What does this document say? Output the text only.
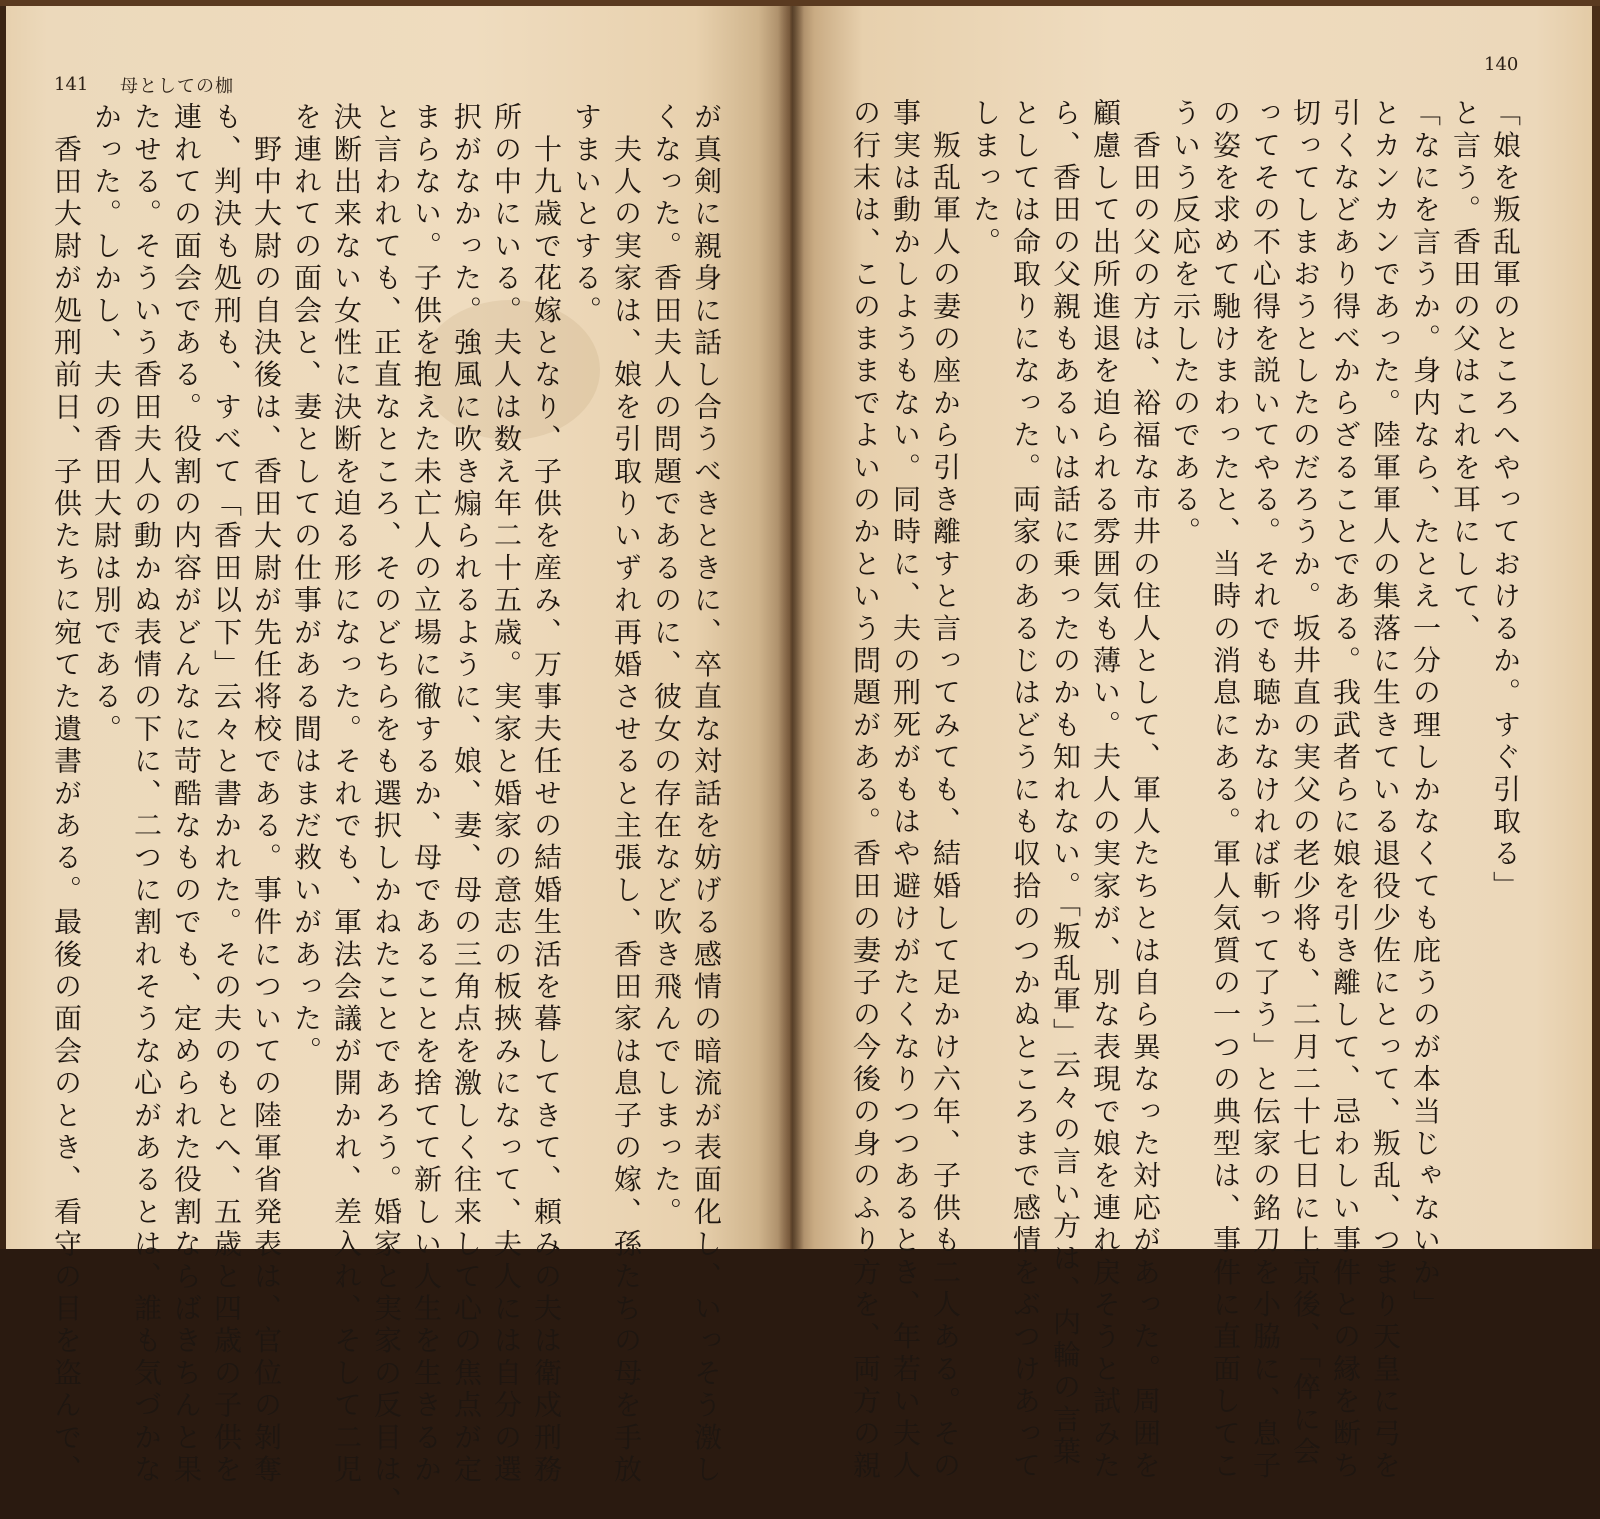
141 母としての枷

が真剣に親身に話し合うべきときに、卒直な対話を妨げる感情の暗流が表面化し、いっそう激し

くなった。香田夫人の問題であるのに、彼女の存在など吹き飛んでしまった。

　夫人の実家は、娘を引取りいずれ再婚させると主張し、香田家は息子の嫁、孫たちの母を手放

すまいとする。

　十九歳で花嫁となり、子供を産み、万事夫任せの結婚生活を暮してきて、頼みの夫は衛戍刑務

所の中にいる。夫人は数え年二十五歳。実家と婚家の意志の板挾みになって、夫人には自分の選

択がなかった。強風に吹き煽られるように、娘、妻、母の三角点を激しく往来して心の焦点が定

まらない。子供を抱えた未亡人の立場に徹するか、母であることを捨てて新しい人生を生きるか

と言われても、正直なところ、そのどちらをも選択しかねたことであろう。婚家と実家の反目は、

決断出来ない女性に決断を迫る形になった。それでも、軍法会議が開かれ、差入れ、そして二児

を連れての面会と、妻としての仕事がある間はまだ救いがあった。

　野中大尉の自決後は、香田大尉が先任将校である。事件についての陸軍省発表は、官位の剝奪

も、判決も処刑も、すべて「香田以下」云々と書かれた。その夫のもとへ、五歳と四歳の子供を

連れての面会である。役割の内容がどんなに苛酷なものでも、定められた役割ならばきちんと果

たせる。そういう香田夫人の動かぬ表情の下に、二つに割れそうな心があるとは、誰も気づかな

かった。しかし、夫の香田大尉は別である。

　香田大尉が処刑前日、子供たちに宛てた遺書がある。最後の面会のとき、看守の目を盗んで、

140

「娘を叛乱軍のところへやっておけるか。すぐ引取る」

と言う。香田の父はこれを耳にして、

「なにを言うか。身内なら、たとえ一分の理しかなくても庇うのが本当じゃないか」

とカンカンであった。陸軍軍人の集落に生きている退役少佐にとって、叛乱、つまり天皇に弓を

引くなどあり得べからざることである。我武者らに娘を引き離して、忌わしい事件との縁を断ち

切ってしまおうとしたのだろうか。坂井直の実父の老少将も、二月二十七日に上京後、「倅に会

ってその不心得を説いてやる。それでも聴かなければ斬って了う」と伝家の銘刀を小脇に、息子

の姿を求めて馳けまわったと、当時の消息にある。軍人気質の一つの典型は、事件に直面してこ

ういう反応を示したのである。

　香田の父の方は、裕福な市井の住人として、軍人たちとは自ら異なった対応があった。周囲を

顧慮して出所進退を迫られる雰囲気も薄い。夫人の実家が、別な表現で娘を連れ戻そうと試みた

ら、香田の父親もあるいは話に乗ったのかも知れない。「叛乱軍」云々の言い方は、内輪の言葉

としては命取りになった。両家のあるじはどうにも収拾のつかぬところまで感情をぶつけあって

しまった。

　叛乱軍人の妻の座から引き離すと言ってみても、結婚して足かけ六年、子供も二人ある。その

事実は動かしようもない。同時に、夫の刑死がもはや避けがたくなりつつあるとき、年若い夫人

の行末は、このままでよいのかという問題がある。香田の妻子の今後の身のふり方を、両方の親
